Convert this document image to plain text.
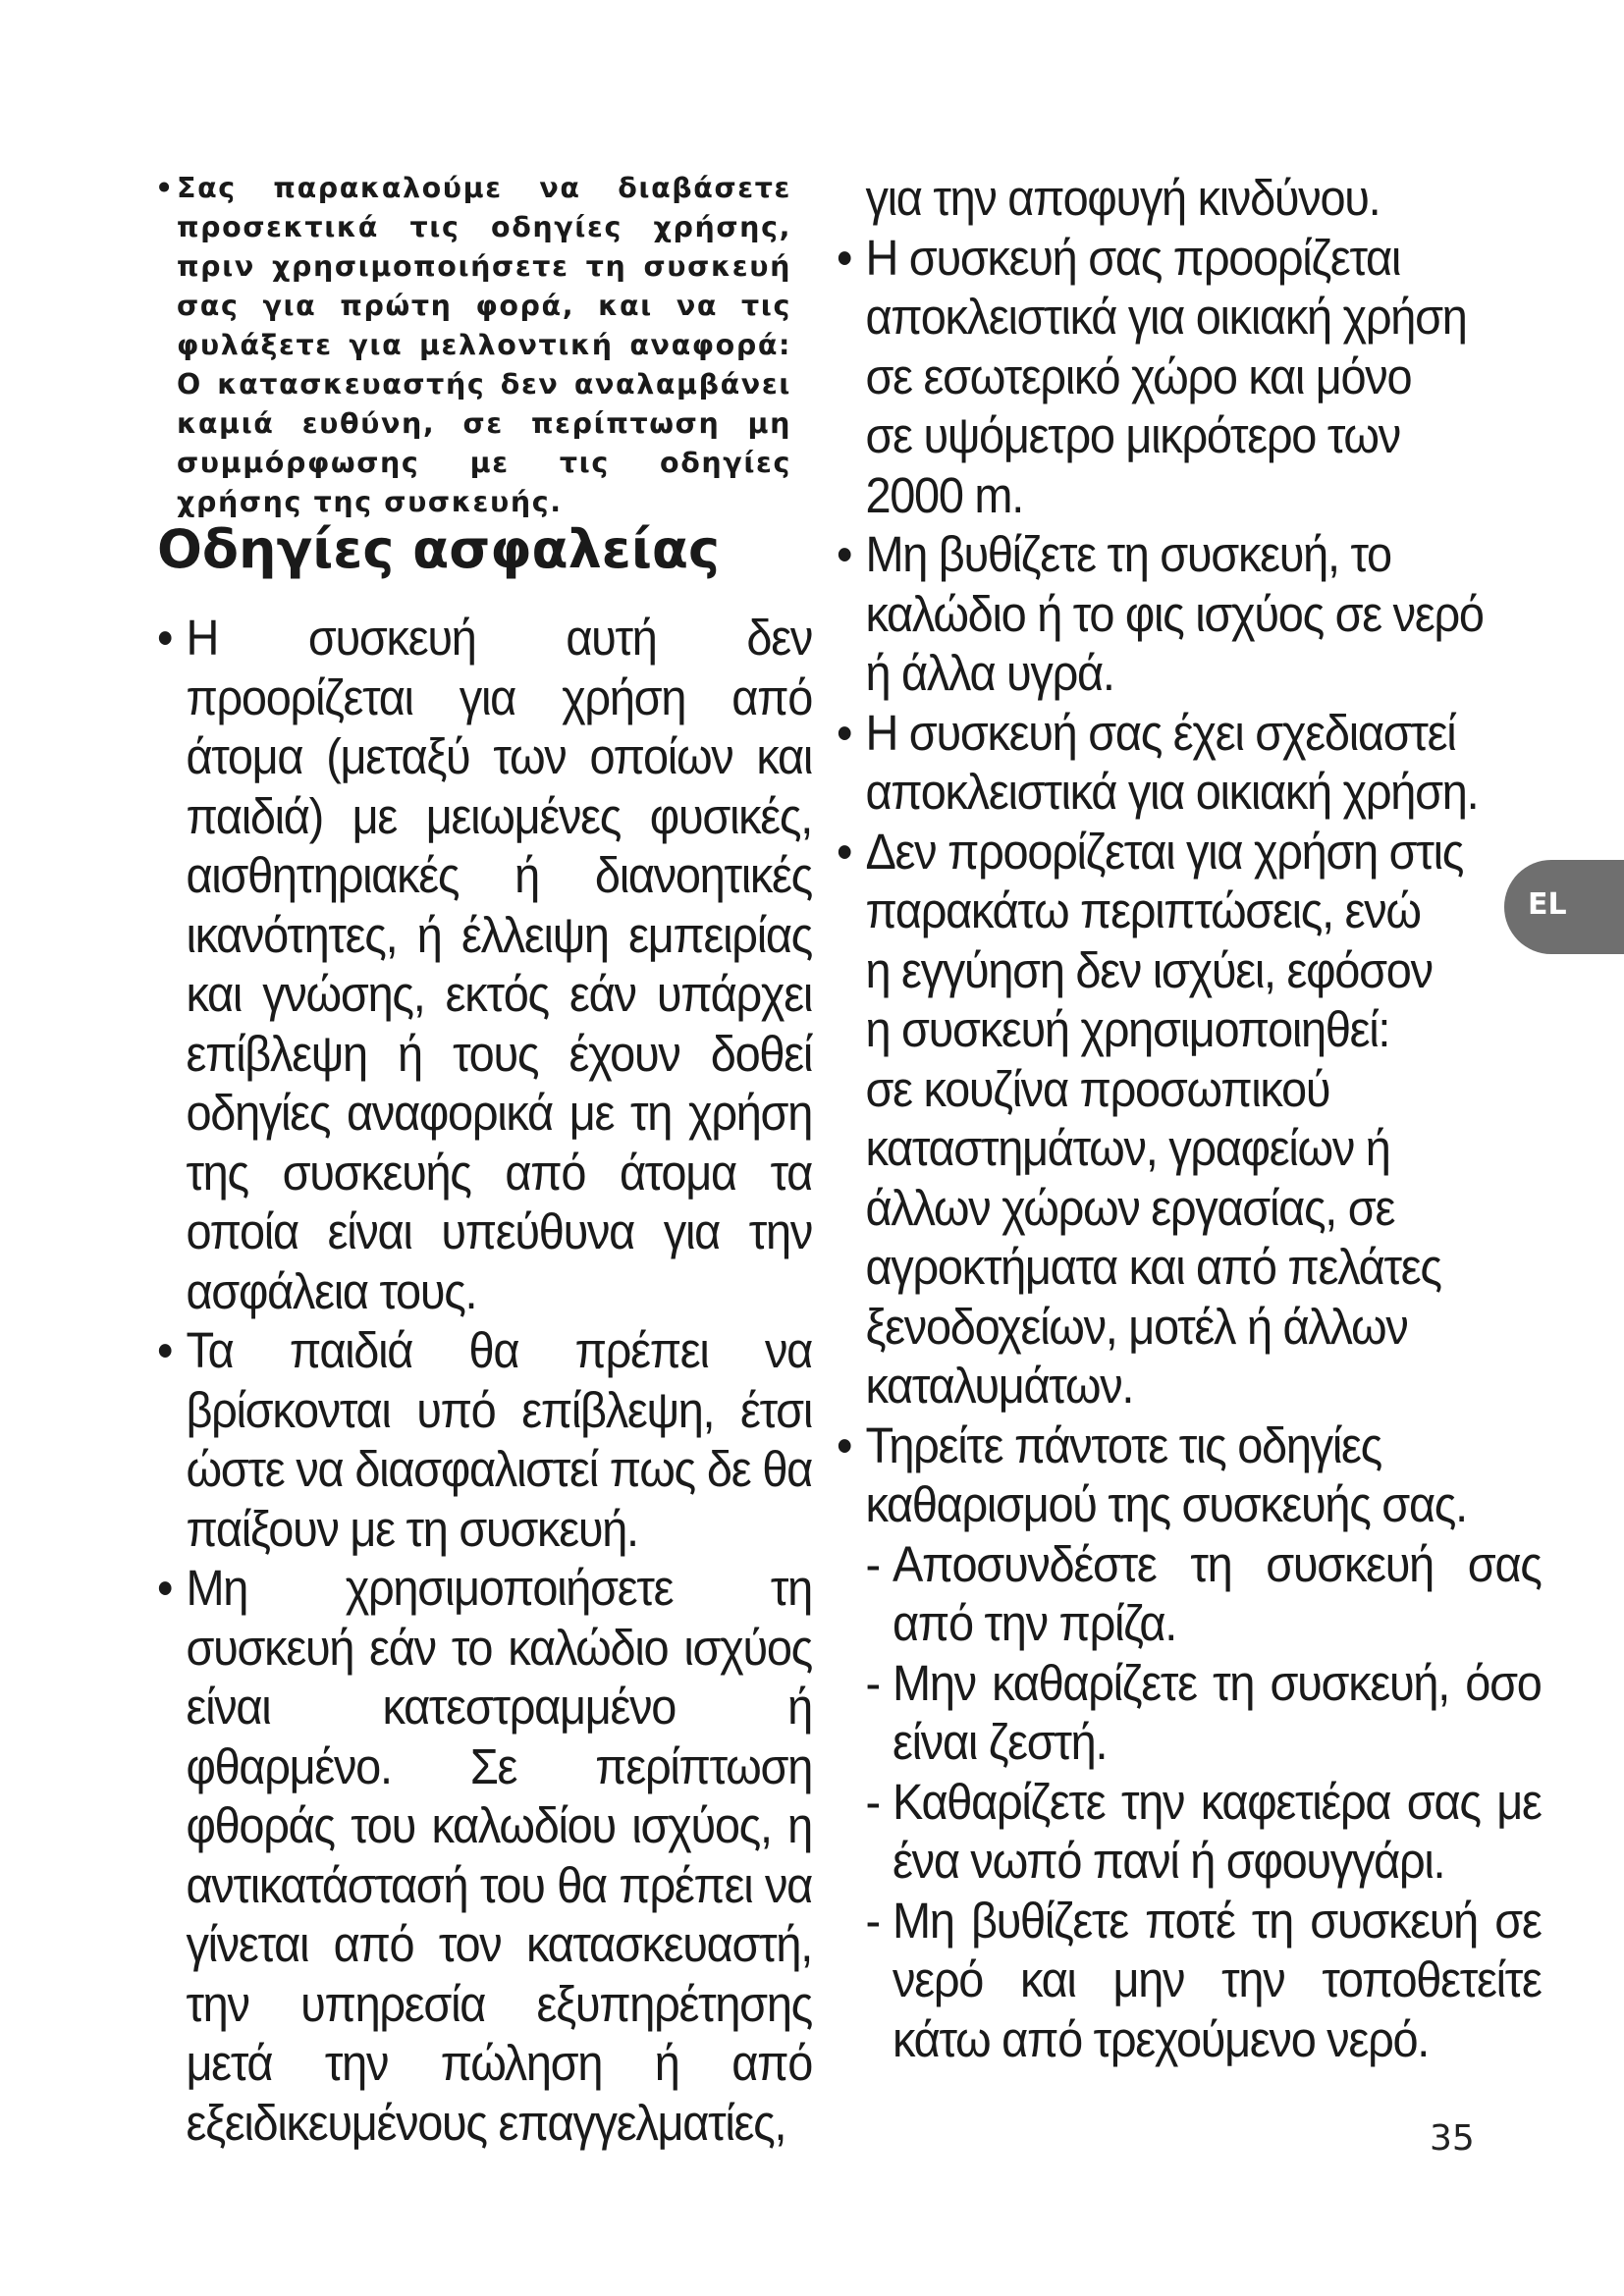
• Σας παρακαλούμε να διαβάσετε προσεκτικά τις οδηγίες χρήσης, πριν χρησιμοποιήσετε τη συσκευή σας για πρώτη φορά, και να τις φυλάξετε για μελλοντική αναφορά: Ο κατασκευαστής δεν αναλαμβάνει καμιά ευθύνη, σε περίπτωση μη συμμόρφωσης με τις οδηγίες χρήσης της συσκευής.
Οδηγίες ασφαλείας
• Η συσκευή αυτή δεν προορίζεται για χρήση από άτομα (μεταξύ των οποίων και παιδιά) με μειωμένες φυσικές, αισθητηριακές ή διανοητικές ικανότητες, ή έλλειψη εμπειρίας και γνώσης, εκτός εάν υπάρχει επίβλεψη ή τους έχουν δοθεί οδηγίες αναφορικά με τη χρήση της συσκευής από άτομα τα οποία είναι υπεύθυνα για την ασφάλεια τους.
• Τα παιδιά θα πρέπει να βρίσκονται υπό επίβλεψη, έτσι ώστε να διασφαλιστεί πως δε θα παίξουν με τη συσκευή.
• Μη χρησιμοποιήσετε τη συσκευή εάν το καλώδιο ισχύος είναι κατεστραμμένο ή φθαρμένο. Σε περίπτωση φθοράς του καλωδίου ισχύος, η αντικατάστασή του θα πρέπει να γίνεται από τον κατασκευαστή, την υπηρεσία εξυπηρέτησης μετά την πώληση ή από εξειδικευμένους επαγγελματίες,
για την αποφυγή κινδύνου.
• Η συσκευή σας προορίζεται
αποκλειστικά για οικιακή χρήση
σε εσωτερικό χώρο και μόνο
σε υψόμετρο μικρότερο των
2000 m.
• Μη βυθίζετε τη συσκευή, το
καλώδιο ή το φις ισχύος σε νερό
ή άλλα υγρά.
• Η συσκευή σας έχει σχεδιαστεί
αποκλειστικά για οικιακή χρήση.
• Δεν προορίζεται για χρήση στις
παρακάτω περιπτώσεις, ενώ
η εγγύηση δεν ισχύει, εφόσον
η συσκευή χρησιμοποιηθεί:
σε κουζίνα προσωπικού
καταστημάτων, γραφείων ή
άλλων χώρων εργασίας, σε
αγροκτήματα και από πελάτες
ξενοδοχείων, μοτέλ ή άλλων
καταλυμάτων.
• Τηρείτε πάντοτε τις οδηγίες
καθαρισμού της συσκευής σας.
- Αποσυνδέστε τη συσκευή σας από την πρίζα.
- Μην καθαρίζετε τη συσκευή, όσο είναι ζεστή.
- Καθαρίζετε την καφετιέρα σας με ένα νωπό πανί ή σφουγγάρι.
- Μη βυθίζετε ποτέ τη συσκευή σε νερό και μην την τοποθετείτε κάτω από τρεχούμενο νερό.
EL
35
